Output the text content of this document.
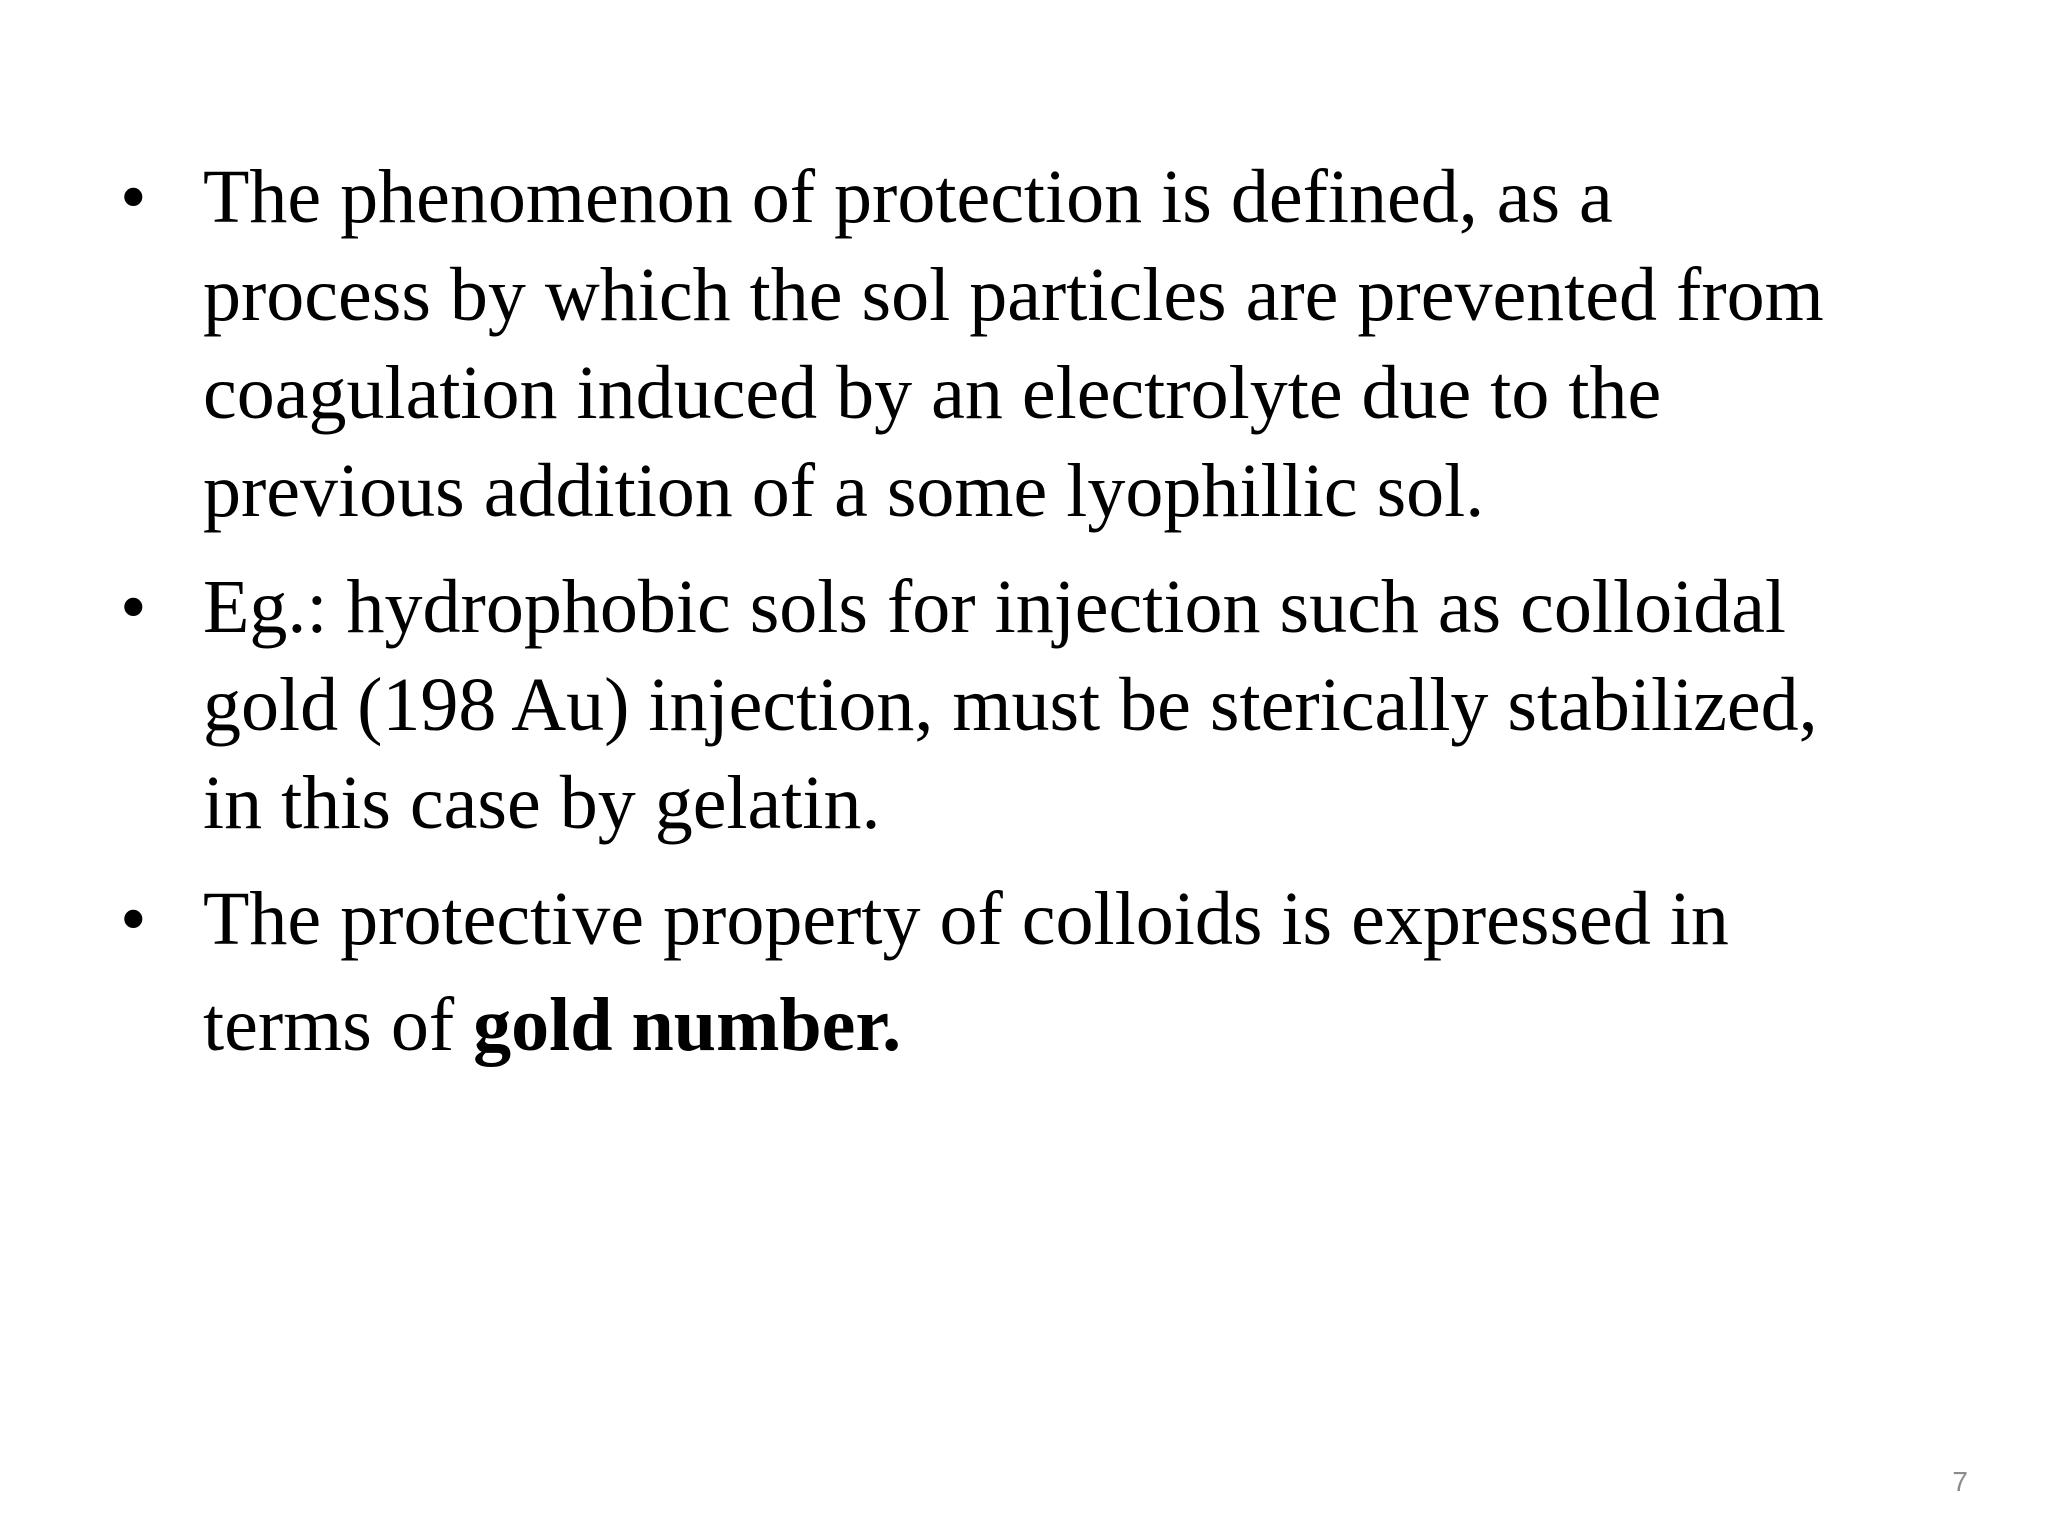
• The phenomenon of protection is defined, as a
process by which the sol particles are prevented from
coagulation induced by an electrolyte due to the
previous addition of a some lyophillic sol.
• Eg.: hydrophobic sols for injection such as colloidal
gold (198 Au) injection, must be sterically stabilized,
in this case by gelatin.
• The protective property of colloids is expressed in
terms of gold number.
7
